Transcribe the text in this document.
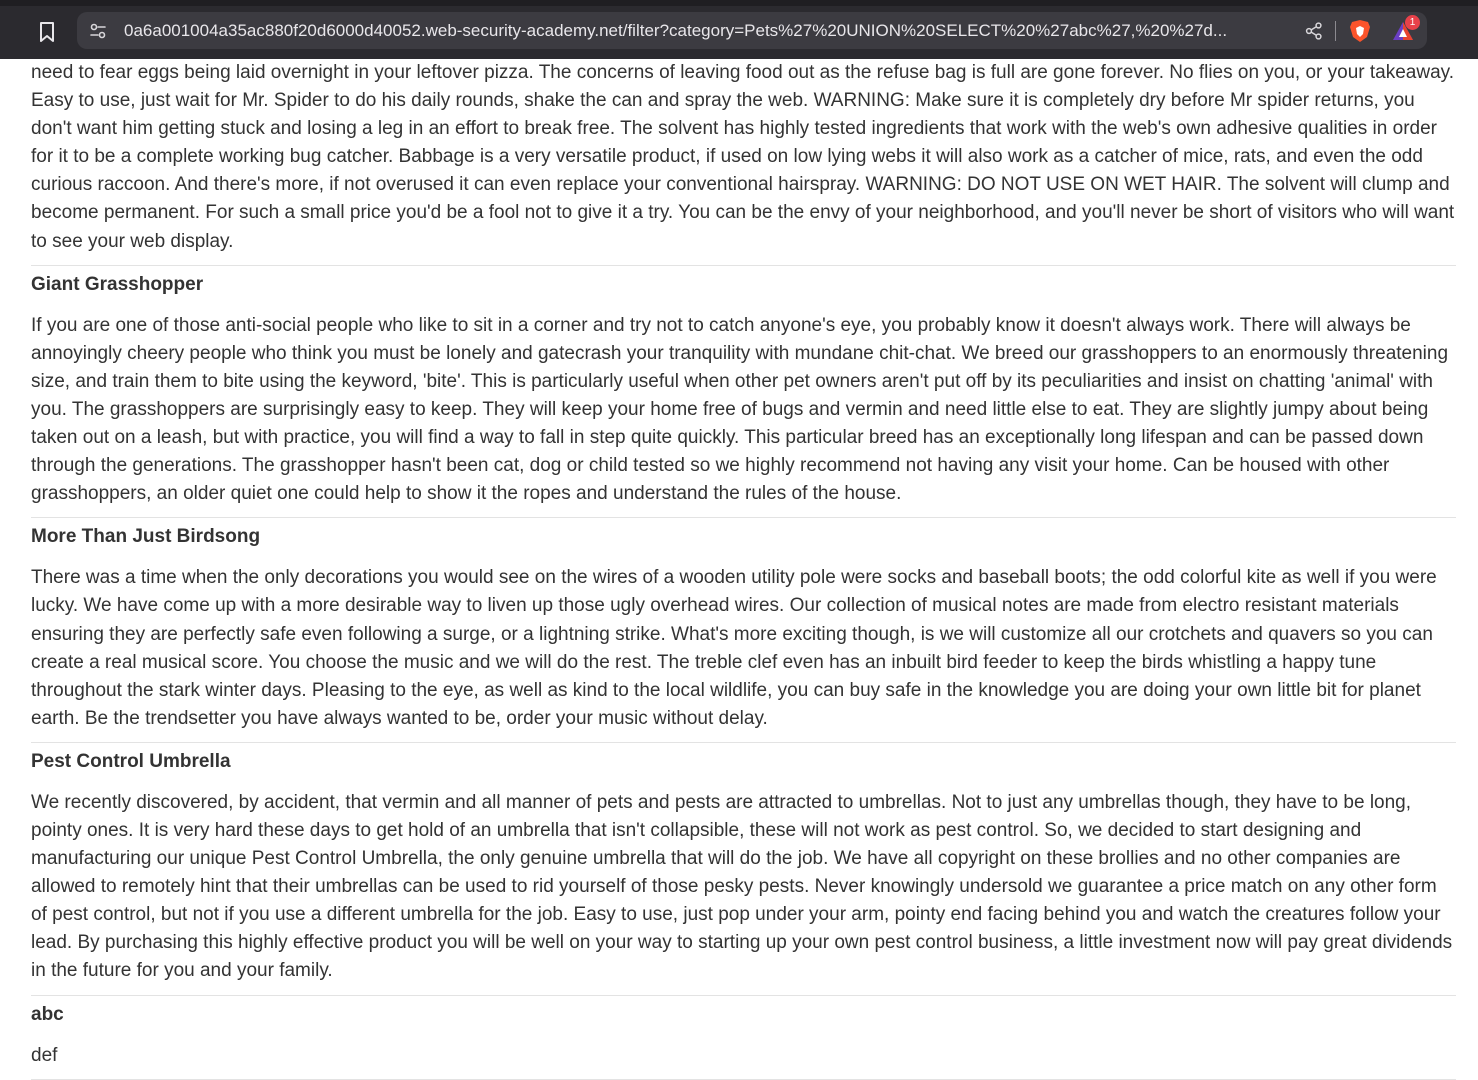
0a6a001004a35ac880f20d6000d40052.web-security-academy.net/filter?category=Pets%27%20UNION%20SELECT%20%27abc%27,%20%27d...	1

need to fear eggs being laid overnight in your leftover pizza. The concerns of leaving food out as the refuse bag is full are gone forever. No flies on you, or your takeaway. Easy to use, just wait for Mr. Spider to do his daily rounds, shake the can and spray the web. WARNING: Make sure it is completely dry before Mr spider returns, you don't want him getting stuck and losing a leg in an effort to break free. The solvent has highly tested ingredients that work with the web's own adhesive qualities in order for it to be a complete working bug catcher. Babbage is a very versatile product, if used on low lying webs it will also work as a catcher of mice, rats, and even the odd curious raccoon. And there's more, if not overused it can even replace your conventional hairspray. WARNING: DO NOT USE ON WET HAIR. The solvent will clump and become permanent. For such a small price you'd be a fool not to give it a try. You can be the envy of your neighborhood, and you'll never be short of visitors who will want to see your web display.

Giant Grasshopper

If you are one of those anti-social people who like to sit in a corner and try not to catch anyone's eye, you probably know it doesn't always work. There will always be annoyingly cheery people who think you must be lonely and gatecrash your tranquility with mundane chit-chat. We breed our grasshoppers to an enormously threatening size, and train them to bite using the keyword, 'bite'. This is particularly useful when other pet owners aren't put off by its peculiarities and insist on chatting 'animal' with you. The grasshoppers are surprisingly easy to keep. They will keep your home free of bugs and vermin and need little else to eat. They are slightly jumpy about being taken out on a leash, but with practice, you will find a way to fall in step quite quickly. This particular breed has an exceptionally long lifespan and can be passed down through the generations. The grasshopper hasn't been cat, dog or child tested so we highly recommend not having any visit your home. Can be housed with other grasshoppers, an older quiet one could help to show it the ropes and understand the rules of the house.

More Than Just Birdsong

There was a time when the only decorations you would see on the wires of a wooden utility pole were socks and baseball boots; the odd colorful kite as well if you were lucky. We have come up with a more desirable way to liven up those ugly overhead wires. Our collection of musical notes are made from electro resistant materials ensuring they are perfectly safe even following a surge, or a lightning strike. What's more exciting though, is we will customize all our crotchets and quavers so you can create a real musical score. You choose the music and we will do the rest. The treble clef even has an inbuilt bird feeder to keep the birds whistling a happy tune throughout the stark winter days. Pleasing to the eye, as well as kind to the local wildlife, you can buy safe in the knowledge you are doing your own little bit for planet earth. Be the trendsetter you have always wanted to be, order your music without delay.

Pest Control Umbrella

We recently discovered, by accident, that vermin and all manner of pets and pests are attracted to umbrellas. Not to just any umbrellas though, they have to be long, pointy ones. It is very hard these days to get hold of an umbrella that isn't collapsible, these will not work as pest control. So, we decided to start designing and manufacturing our unique Pest Control Umbrella, the only genuine umbrella that will do the job. We have all copyright on these brollies and no other companies are allowed to remotely hint that their umbrellas can be used to rid yourself of those pesky pests. Never knowingly undersold we guarantee a price match on any other form of pest control, but not if you use a different umbrella for the job. Easy to use, just pop under your arm, pointy end facing behind you and watch the creatures follow your lead. By purchasing this highly effective product you will be well on your way to starting up your own pest control business, a little investment now will pay great dividends in the future for you and your family.

abc

def
